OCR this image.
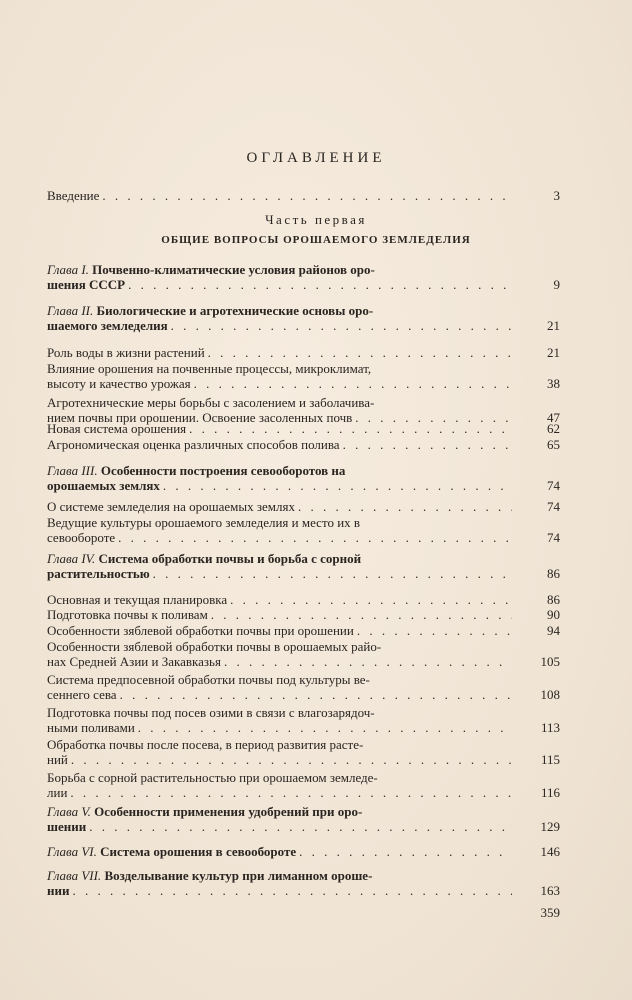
ОГЛАВЛЕНИЕ
Введение . . .	3
Часть первая
ОБЩИЕ ВОПРОСЫ ОРОШАЕМОГО ЗЕМЛЕДЕЛИЯ
Глава I.
Почвенно-климатические условия районов оро-
шения СССР . . .	9
Глава II.
Биологические и агротехнические основы оро-
шаемого земледелия . . .	21
Роль воды в жизни растений . . .	21
Влияние орошения на почвенные процессы, микроклимат,
высоту и качество урожая . . .	38
Агротехнические меры борьбы с засолением и заболачива-
нием почвы при орошении. Освоение засоленных почв . . .	47
Новая система орошения . . .	62
Агрономическая оценка различных способов полива . . .	65
Глава III.
Особенности построения севооборотов на
орошаемых землях . . .	74
О системе земледелия на орошаемых землях . . .	74
Ведущие культуры орошаемого земледелия и место их в
севообороте . . .	74
Глава IV.
Система обработки почвы и борьба с сорной
растительностью . . .	86
Основная и текущая планировка . . .	86
Подготовка почвы к поливам . . .	90
Особенности зяблевой обработки почвы при орошении . . .	94
Особенности зяблевой обработки почвы в орошаемых райо-
нах Средней Азии и Закавказья . . .	105
Система предпосевной обработки почвы под культуры ве-
сеннего сева . . .	108
Подготовка почвы под посев озими в связи с влагозарядоч-
ными поливами . . .	113
Обработка почвы после посева, в период развития расте-
ний . . .	115
Борьба с сорной растительностью при орошаемом земледе-
лии . . .	116
Глава V.
Особенности применения удобрений при оро-
шении . . .	129
Глава VI.
Система орошения в севообороте . . .	146
Глава VII.
Возделывание культур при лиманном ороше-
нии . . .	163
359
